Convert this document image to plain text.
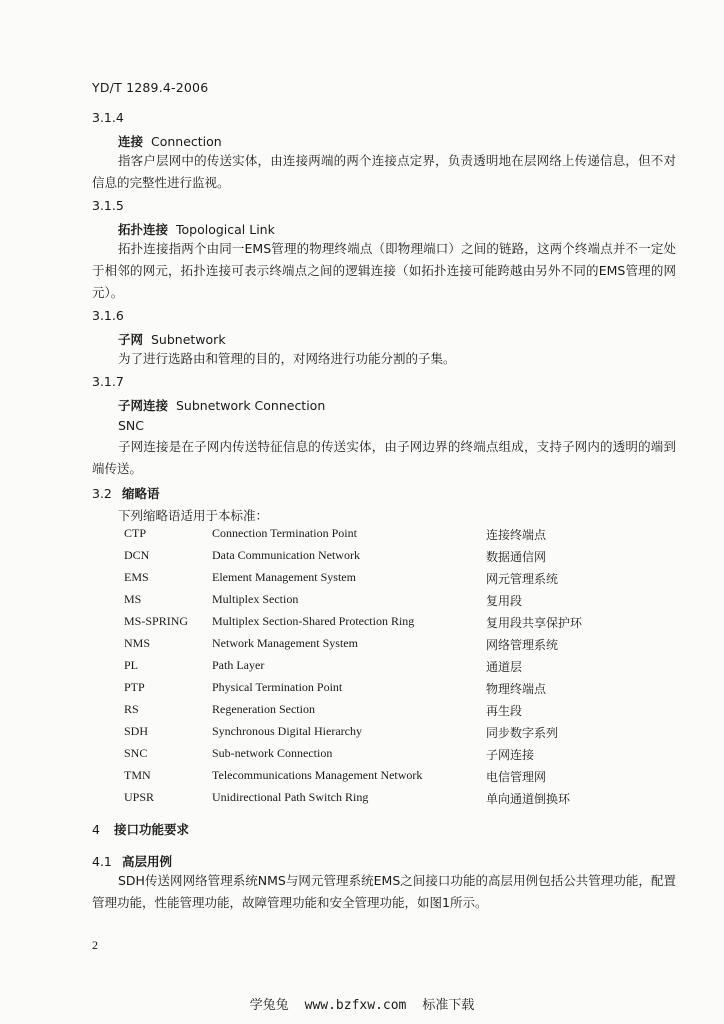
YD/T 1289.4-2006
3.1.4
连接 Connection
指客户层网中的传送实体，由连接两端的两个连接点定界，负责透明地在层网络上传递信息，但不对信息的完整性进行监视。
3.1.5
拓扑连接 Topological Link
拓扑连接指两个由同一EMS管理的物理终端点（即物理端口）之间的链路，这两个终端点并不一定处于相邻的网元，拓扑连接可表示终端点之间的逻辑连接（如拓扑连接可能跨越由另外不同的EMS管理的网元）。
3.1.6
子网 Subnetwork
为了进行选路由和管理的目的，对网络进行功能分割的子集。
3.1.7
子网连接 Subnetwork Connection
SNC
子网连接是在子网内传送特征信息的传送实体，由子网边界的终端点组成，支持子网内的透明的端到端传送。
3.2 缩略语
下列缩略语适用于本标准：
CTP	Connection Termination Point	连接终端点
DCN	Data Communication Network	数据通信网
EMS	Element Management System	网元管理系统
MS	Multiplex Section	复用段
MS-SPRING Multiplex Section-Shared Protection Ring	复用段共享保护环
NMS	Network Management System	网络管理系统
PL	Path Layer	通道层
PTP	Physical Termination Point	物理终端点
RS	Regeneration Section	再生段
SDH	Synchronous Digital Hierarchy	同步数字系列
SNC	Sub-network Connection	子网连接
TMN	Telecommunications Management Network	电信管理网
UPSR	Unidirectional Path Switch Ring	单向通道倒换环
4 接口功能要求
4.1 高层用例
SDH传送网网络管理系统NMS与网元管理系统EMS之间接口功能的高层用例包括公共管理功能，配置管理功能，性能管理功能，故障管理功能和安全管理功能，如图1所示。
2
学兔兔 www.bzfxw.com 标准下载
